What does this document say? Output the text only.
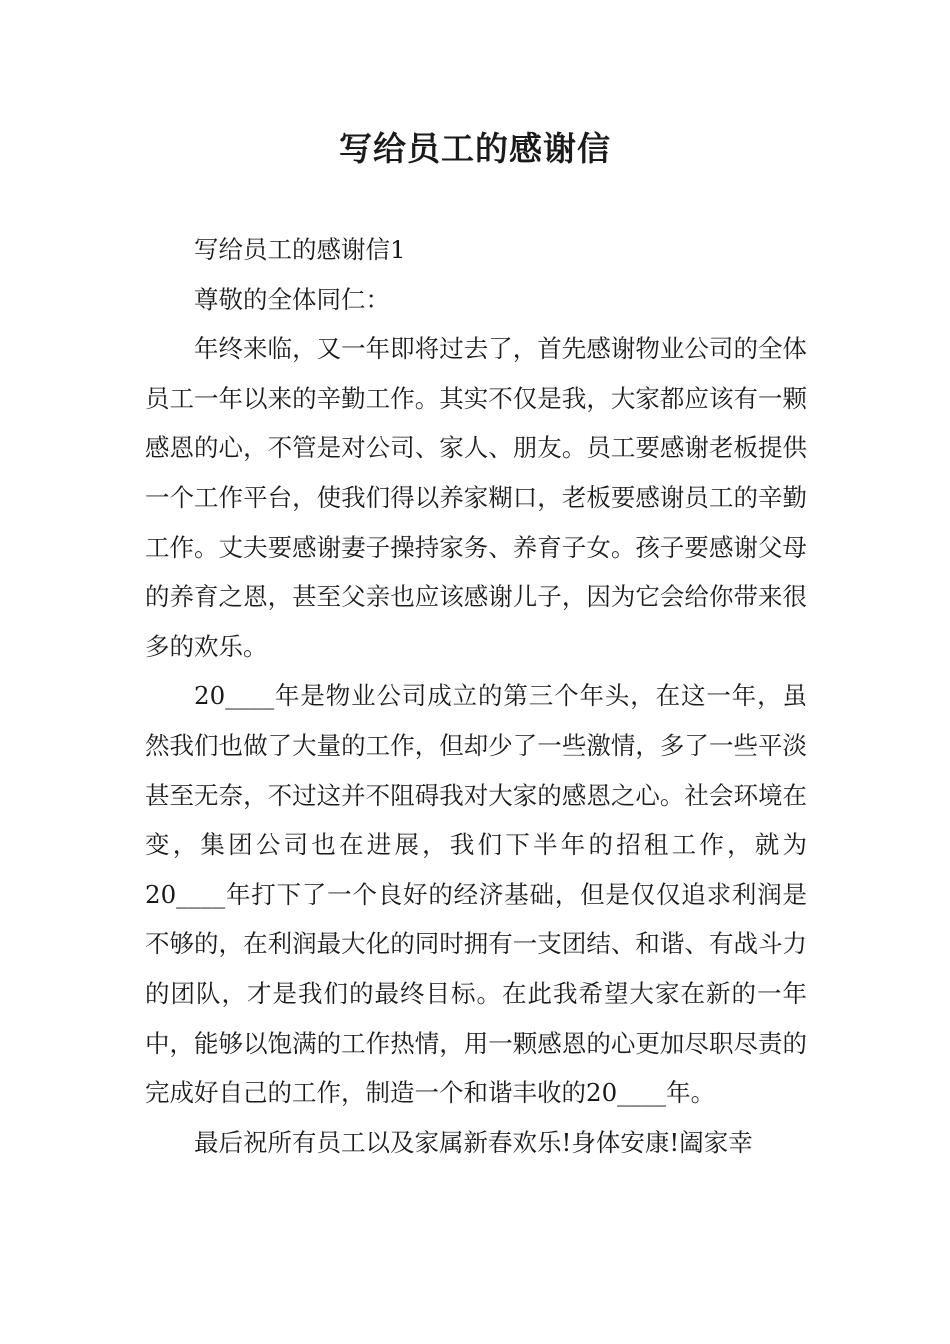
写给员工的感谢信

写给员工的感谢信1

尊敬的全体同仁：

年终来临，又一年即将过去了，首先感谢物业公司的全体员工一年以来的辛勤工作。其实不仅是我，大家都应该有一颗感恩的心，不管是对公司、家人、朋友。员工要感谢老板提供一个工作平台，使我们得以养家糊口，老板要感谢员工的辛勤工作。丈夫要感谢妻子操持家务、养育子女。孩子要感谢父母的养育之恩，甚至父亲也应该感谢儿子，因为它会给你带来很多的欢乐。

20____年是物业公司成立的第三个年头，在这一年，虽然我们也做了大量的工作，但却少了一些激情，多了一些平淡甚至无奈，不过这并不阻碍我对大家的感恩之心。社会环境在变，集团公司也在进展，我们下半年的招租工作，就为20____年打下了一个良好的经济基础，但是仅仅追求利润是不够的，在利润最大化的同时拥有一支团结、和谐、有战斗力的团队，才是我们的最终目标。在此我希望大家在新的一年中，能够以饱满的工作热情，用一颗感恩的心更加尽职尽责的完成好自己的工作，制造一个和谐丰收的20____年。

最后祝所有员工以及家属新春欢乐!身体安康!阖家幸
